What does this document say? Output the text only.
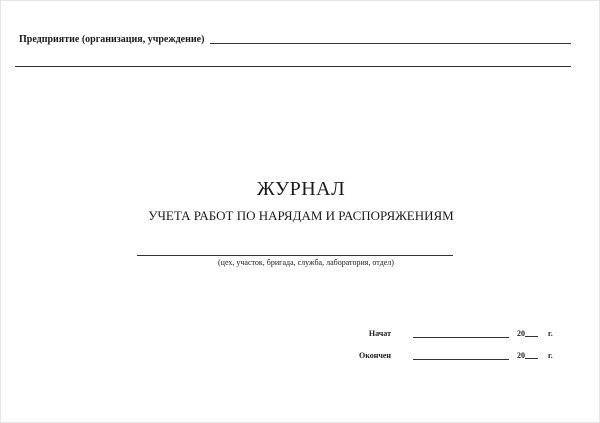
Предприятие (организация, учреждение)
ЖУРНАЛ
УЧЕТА РАБОТ ПО НАРЯДАМ И РАСПОРЯЖЕНИЯМ
(цех, участок, бригада, служба, лаборатория, отдел)
Начат	20	г.
Окончен	20	г.
